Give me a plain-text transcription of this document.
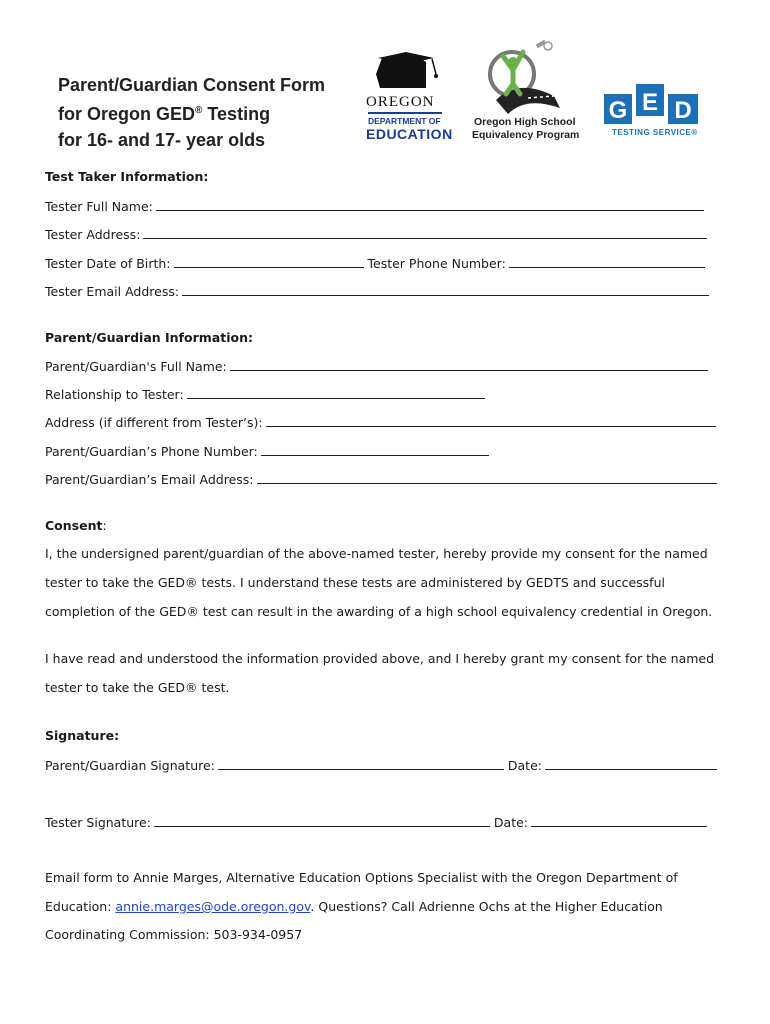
Parent/Guardian Consent Form
for Oregon GED® Testing
for 16- and 17- year olds
OREGON
DEPARTMENT OF
EDUCATION
Oregon High School
Equivalency Program
G E D
TESTING SERVICE®
Test Taker Information:
Tester Full Name:
Tester Address:
Tester Date of Birth:	Tester Phone Number:
Tester Email Address:
Parent/Guardian Information:
Parent/Guardian's Full Name:
Relationship to Tester:
Address (if different from Tester’s):
Parent/Guardian’s Phone Number:
Parent/Guardian’s Email Address:
Consent:
I, the undersigned parent/guardian of the above-named tester, hereby provide my consent for the named tester to take the GED® tests. I understand these tests are administered by GEDTS and successful completion of the GED® test can result in the awarding of a high school equivalency credential in Oregon.
I have read and understood the information provided above, and I hereby grant my consent for the named tester to take the GED® test.
Signature:
Parent/Guardian Signature:	Date:
Tester Signature:	Date:
Email form to Annie Marges, Alternative Education Options Specialist with the Oregon Department of
Education: annie.marges@ode.oregon.gov. Questions? Call Adrienne Ochs at the Higher Education
Coordinating Commission: 503-934-0957
